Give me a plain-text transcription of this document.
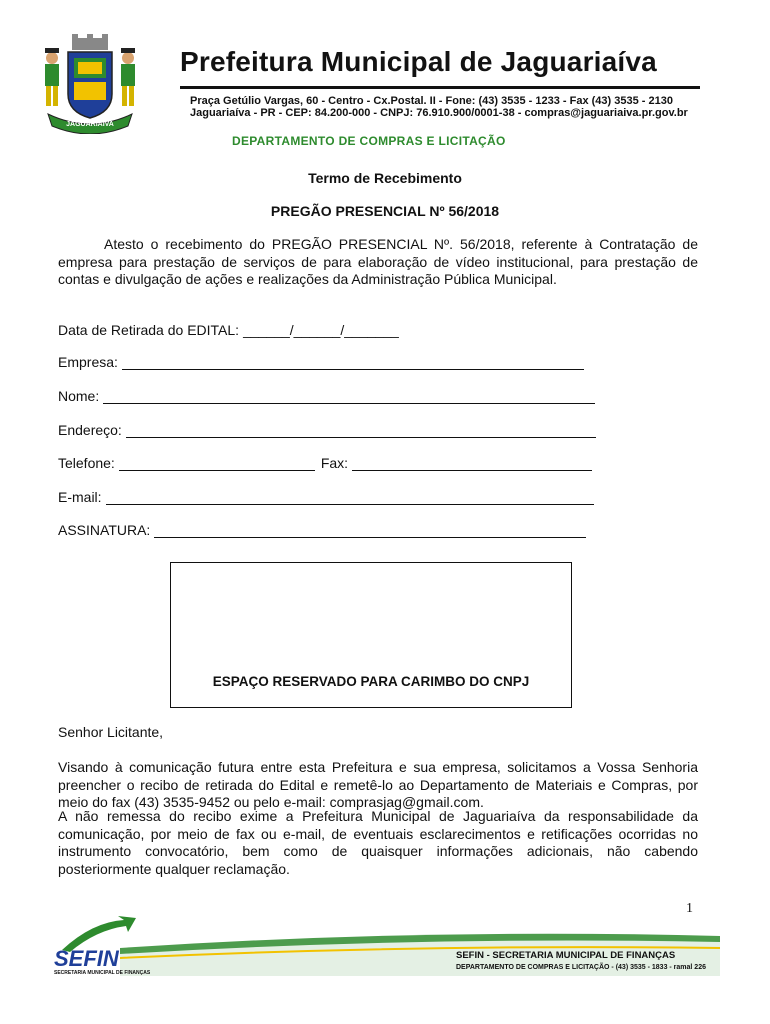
JAGUARIAIVA
Prefeitura Municipal de Jaguariaíva
Praça Getúlio Vargas, 60 - Centro - Cx.Postal. II - Fone: (43) 3535 - 1233 - Fax (43) 3535 - 2130
Jaguariaíva - PR - CEP: 84.200-000 - CNPJ: 76.910.900/0001-38 - compras@jaguariaiva.pr.gov.br
DEPARTAMENTO DE COMPRAS E LICITAÇÃO
Termo de Recebimento
PREGÃO PRESENCIAL Nº 56/2018
Atesto o recebimento do PREGÃO PRESENCIAL Nº. 56/2018, referente à Contratação de empresa para prestação de serviços de para elaboração de vídeo institucional, para prestação de contas e divulgação de ações e realizações da Administração Pública Municipal.
Data de Retirada do EDITAL: ______/______/_______
Empresa:
Nome:
Endereço:
Telefone:	Fax:
E-mail:
ASSINATURA:
ESPAÇO RESERVADO PARA CARIMBO DO CNPJ
Senhor Licitante,
Visando à comunicação futura entre esta Prefeitura e sua empresa, solicitamos a Vossa Senhoria preencher o recibo de retirada do Edital e remetê-lo ao Departamento de Materiais e Compras, por meio do fax (43) 3535-9452 ou pelo e-mail: comprasjag@gmail.com.
A não remessa do recibo exime a Prefeitura Municipal de Jaguariaíva da responsabilidade da comunicação, por meio de fax ou e-mail, de eventuais esclarecimentos e retificações ocorridas no instrumento convocatório, bem como de quaisquer informações adicionais, não cabendo posteriormente qualquer reclamação.
1
SEFIN
SECRETARIA MUNICIPAL DE FINANÇAS
SEFIN - SECRETARIA MUNICIPAL DE FINANÇAS
DEPARTAMENTO DE COMPRAS E LICITAÇÃO - (43) 3535 - 1833 - ramal 226
